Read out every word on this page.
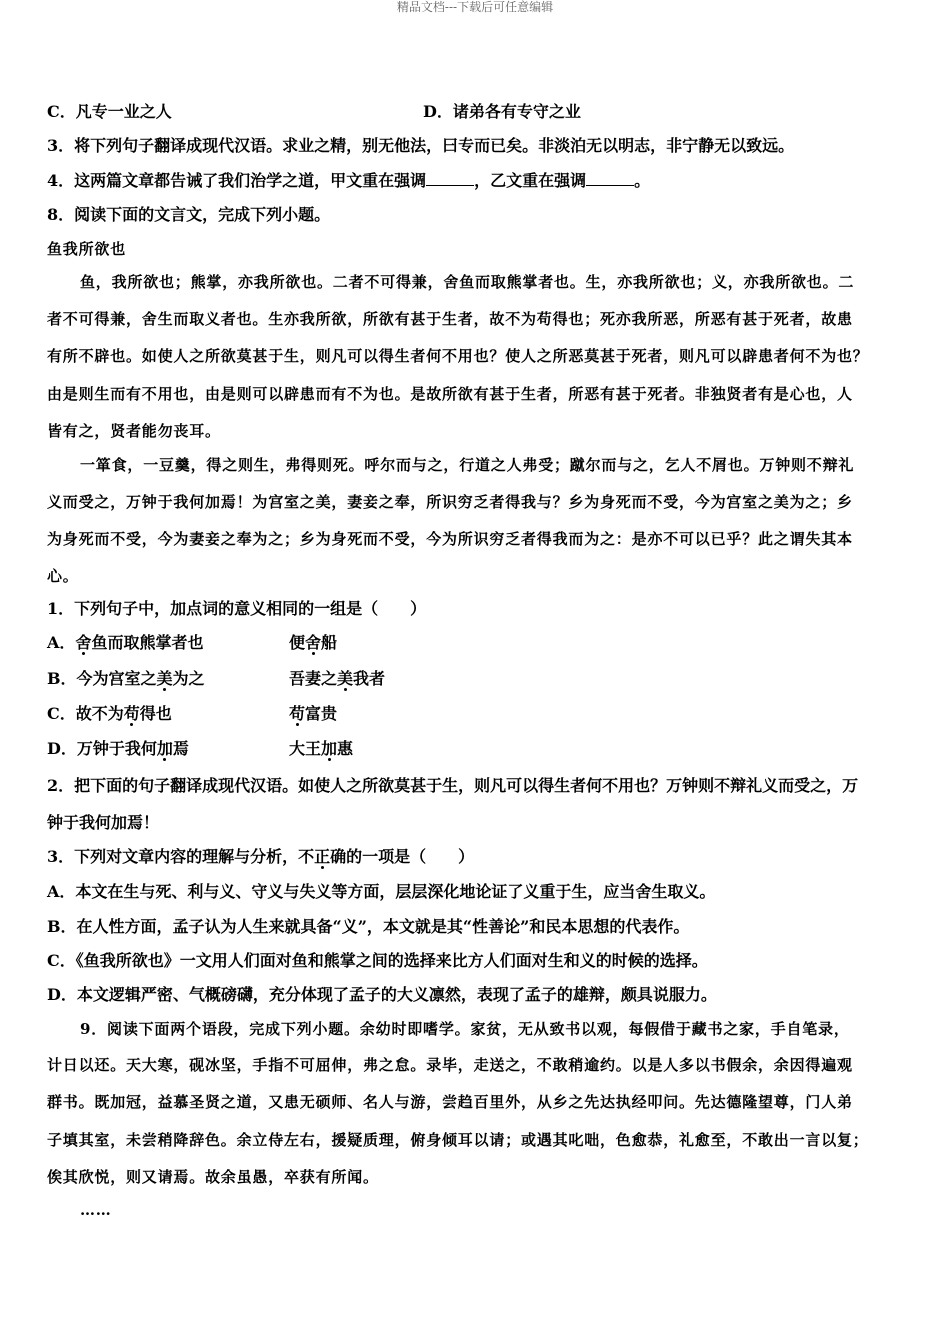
精品文档---下载后可任意编辑
C．凡专一业之人	D．诸弟各有专守之业
3．将下列句子翻译成现代汉语。求业之精，别无他法，曰专而已矣。非淡泊无以明志，非宁静无以致远。
4．这两篇文章都告诫了我们治学之道，甲文重在强调	，乙文重在强调	。
8．阅读下面的文言文，完成下列小题。
鱼我所欲也
鱼，我所欲也；熊掌，亦我所欲也。二者不可得兼，舍鱼而取熊掌者也。生，亦我所欲也；义，亦我所欲也。二
者不可得兼，舍生而取义者也。生亦我所欲，所欲有甚于生者，故不为苟得也；死亦我所恶，所恶有甚于死者，故患
有所不辟也。如使人之所欲莫甚于生，则凡可以得生者何不用也？使人之所恶莫甚于死者，则凡可以辟患者何不为也？
由是则生而有不用也，由是则可以辟患而有不为也。是故所欲有甚于生者，所恶有甚于死者。非独贤者有是心也，人
皆有之，贤者能勿丧耳。
一箪食，一豆羹，得之则生，弗得则死。呼尔而与之，行道之人弗受；蹴尔而与之，乞人不屑也。万钟则不辩礼
义而受之，万钟于我何加焉！为宫室之美，妻妾之奉，所识穷乏者得我与？乡为身死而不受，今为宫室之美为之；乡
为身死而不受，今为妻妾之奉为之；乡为身死而不受，今为所识穷乏者得我而为之：是亦不可以已乎？此之谓失其本
心。
1．下列句子中，加点词的意义相同的一组是（　　）
A．舍鱼而取熊掌者也	便舍船
B．今为宫室之美为之	吾妻之美我者
C．故不为苟得也	苟富贵
D．万钟于我何加焉	大王加惠
2．把下面的句子翻译成现代汉语。如使人之所欲莫甚于生，则凡可以得生者何不用也？万钟则不辩礼义而受之，万
钟于我何加焉！
3．下列对文章内容的理解与分析，不正确的一项是（　　）
A．本文在生与死、利与义、守义与失义等方面，层层深化地论证了义重于生，应当舍生取义。
B．在人性方面，孟子认为人生来就具备“义”，本文就是其“性善论”和民本思想的代表作。
C．《鱼我所欲也》一文用人们面对鱼和熊掌之间的选择来比方人们面对生和义的时候的选择。
D．本文逻辑严密、气概磅礴，充分体现了孟子的大义凛然，表现了孟子的雄辩，颇具说服力。
9．阅读下面两个语段，完成下列小题。余幼时即嗜学。家贫，无从致书以观，每假借于藏书之家，手自笔录，
计日以还。天大寒，砚冰坚，手指不可屈伸，弗之怠。录毕，走送之，不敢稍逾约。以是人多以书假余，余因得遍观
群书。既加冠，益慕圣贤之道，又患无硕师、名人与游，尝趋百里外，从乡之先达执经叩问。先达德隆望尊，门人弟
子填其室，未尝稍降辞色。余立侍左右，援疑质理，俯身倾耳以请；或遇其叱咄，色愈恭，礼愈至，不敢出一言以复；
俟其欣悦，则又请焉。故余虽愚，卒获有所闻。
……
